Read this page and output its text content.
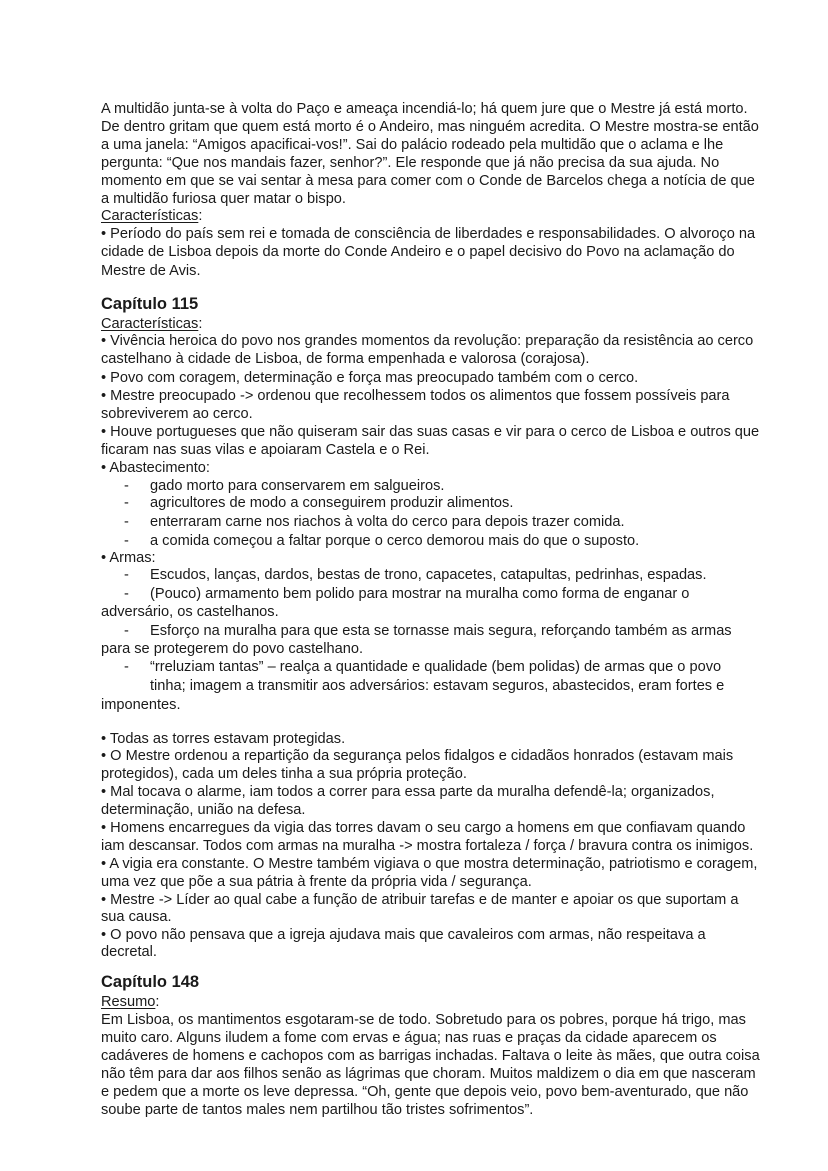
A multidão junta-se à volta do Paço e ameaça incendiá-lo; há quem jure que o Mestre já está morto.
De dentro gritam que quem está morto é o Andeiro, mas ninguém acredita. O Mestre mostra-se então
a uma janela: “Amigos apacificai-vos!”. Sai do palácio rodeado pela multidão que o aclama e lhe
pergunta: “Que nos mandais fazer, senhor?”. Ele responde que já não precisa da sua ajuda. No
momento em que se vai sentar à mesa para comer com o Conde de Barcelos chega a notícia de que
a multidão furiosa quer matar o bispo.
Características:
• Período do país sem rei e tomada de consciência de liberdades e responsabilidades. O alvoroço na
cidade de Lisboa depois da morte do Conde Andeiro e o papel decisivo do Povo na aclamação do
Mestre de Avis.
Capítulo 115
Características:
• Vivência heroica do povo nos grandes momentos da revolução: preparação da resistência ao cerco
castelhano à cidade de Lisboa, de forma empenhada e valorosa (corajosa).
• Povo com coragem, determinação e força mas preocupado também com o cerco.
• Mestre preocupado -> ordenou que recolhessem todos os alimentos que fossem possíveis para
sobreviverem ao cerco.
• Houve portugueses que não quiseram sair das suas casas e vir para o cerco de Lisboa e outros que
ficaram nas suas vilas e apoiaram Castela e o Rei.
• Abastecimento:
- gado morto para conservarem em salgueiros.
- agricultores de modo a conseguirem produzir alimentos.
- enterraram carne nos riachos à volta do cerco para depois trazer comida.
- a comida começou a faltar porque o cerco demorou mais do que o suposto.
• Armas:
- Escudos, lanças, dardos, bestas de trono, capacetes, catapultas, pedrinhas, espadas.
- (Pouco) armamento bem polido para mostrar na muralha como forma de enganar o
adversário, os castelhanos.
- Esforço na muralha para que esta se tornasse mais segura, reforçando também as armas
para se protegerem do povo castelhano.
- “rreluziam tantas” – realça a quantidade e qualidade (bem polidas) de armas que o povo
tinha; imagem a transmitir aos adversários: estavam seguros, abastecidos, eram fortes e
imponentes.
• Todas as torres estavam protegidas.
• O Mestre ordenou a repartição da segurança pelos fidalgos e cidadãos honrados (estavam mais
protegidos), cada um deles tinha a sua própria proteção.
• Mal tocava o alarme, iam todos a correr para essa parte da muralha defendê-la; organizados,
determinação, união na defesa.
• Homens encarregues da vigia das torres davam o seu cargo a homens em que confiavam quando
iam descansar. Todos com armas na muralha -> mostra fortaleza / força / bravura contra os inimigos.
• A vigia era constante. O Mestre também vigiava o que mostra determinação, patriotismo e coragem,
uma vez que põe a sua pátria à frente da própria vida / segurança.
• Mestre -> Líder ao qual cabe a função de atribuir tarefas e de manter e apoiar os que suportam a
sua causa.
• O povo não pensava que a igreja ajudava mais que cavaleiros com armas, não respeitava a
decretal.
Capítulo 148
Resumo:
Em Lisboa, os mantimentos esgotaram-se de todo. Sobretudo para os pobres, porque há trigo, mas
muito caro. Alguns iludem a fome com ervas e água; nas ruas e praças da cidade aparecem os
cadáveres de homens e cachopos com as barrigas inchadas. Faltava o leite às mães, que outra coisa
não têm para dar aos filhos senão as lágrimas que choram. Muitos maldizem o dia em que nasceram
e pedem que a morte os leve depressa. “Oh, gente que depois veio, povo bem-aventurado, que não
soube parte de tantos males nem partilhou tão tristes sofrimentos”.
